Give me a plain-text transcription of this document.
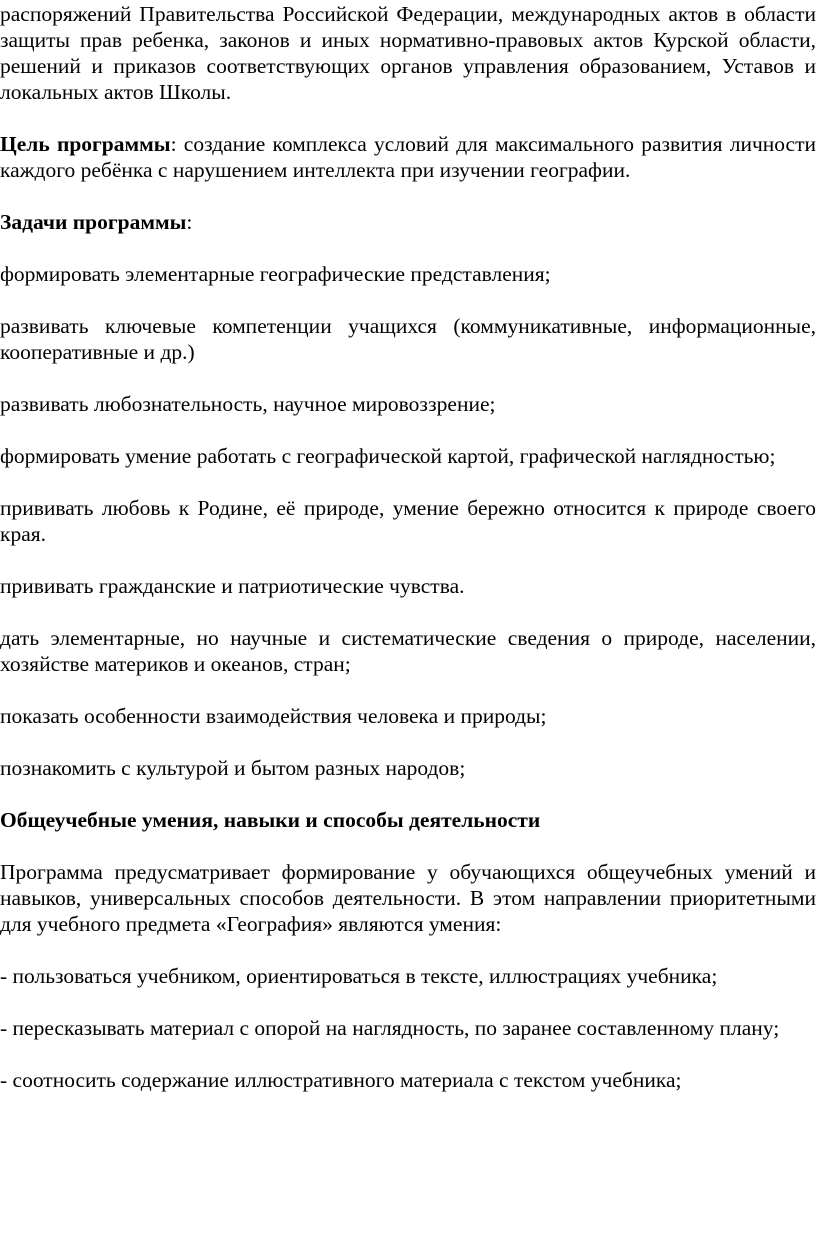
распоряжений Правительства Российской Федерации, международных актов в области защиты прав ребенка, законов и иных нормативно-правовых актов Курской области, решений и приказов соответствующих органов управления образованием, Уставов и локальных актов Школы.

Цель программы: создание комплекса условий для максимального развития личности каждого ребёнка с нарушением интеллекта при изучении географии.

Задачи программы:

формировать элементарные географические представления;

развивать ключевые компетенции учащихся (коммуникативные, информационные, кооперативные и др.)

развивать любознательность, научное мировоззрение;

формировать умение работать с географической картой, графической наглядностью;

прививать любовь к Родине, её природе, умение бережно относится к природе своего края.

прививать гражданские и патриотические чувства.

дать элементарные, но научные и систематические сведения о природе, населении, хозяйстве материков и океанов, стран;

показать особенности взаимодействия человека и природы;

познакомить с культурой и бытом разных народов;

Общеучебные умения, навыки и способы деятельности

Программа предусматривает формирование у обучающихся общеучебных умений и навыков, универсальных способов деятельности. В этом направлении приоритетными для учебного предмета «География» являются умения:

- пользоваться учебником, ориентироваться в тексте, иллюстрациях учебника;

- пересказывать материал с опорой на наглядность, по заранее составленному плану;

- соотносить содержание иллюстративного материала с текстом учебника;
